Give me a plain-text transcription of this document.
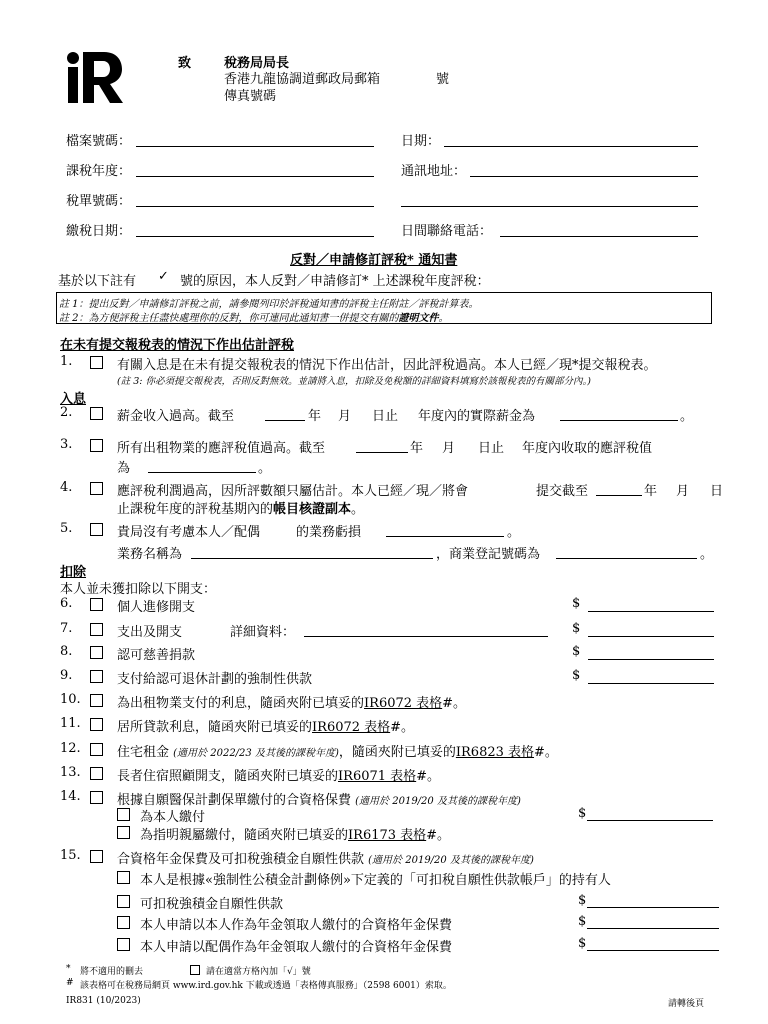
致	稅務局局長
香港九龍協調道郵政局郵箱	號
傳真號碼
檔案號碼：	日期：
課稅年度：	通訊地址：
稅單號碼：
繳稅日期：	日間聯絡電話：
反對／申請修訂評稅* 通知書
基於以下註有 ✓ 號的原因，本人反對／申請修訂* 上述課稅年度評稅：
註 1：提出反對／申請修訂評稅之前，請參閱列印於評稅通知書的評稅主任附註／評稅計算表。
註 2：為方便評稅主任盡快處理你的反對，你可連同此通知書一併提交有關的證明文件。
在未有提交報稅表的情況下作出估計評稅
1.	有關入息是在未有提交報稅表的情況下作出估計，因此評稅過高。本人已經／現*提交報稅表。
(註 3: 你必須提交報稅表，否則反對無效。並請將入息，扣除及免稅額的詳細資料填寫於該報稅表的有關部分內。)
入息
2.	薪金收入過高。截至	年 月 日止 年度內的實際薪金為	。
3.	所有出租物業的應評稅值過高。截至	年 月 日止 年度內收取的應評稅值
為	。
4.	應評稅利潤過高，因所評數額只屬估計。本人已經／現／將會	提交截至	年 月 日
止課稅年度的評稅基期內的帳目核證副本。
5.	貴局沒有考慮本人／配偶	的業務虧損	。
業務名稱為	，商業登記號碼為	。
扣除
本人並未獲扣除以下開支：
6.	個人進修開支	$
7.	支出及開支	詳細資料：	$
8.	認可慈善捐款	$
9.	支付給認可退休計劃的強制性供款	$
10.	為出租物業支付的利息，隨函夾附已填妥的IR6072 表格#。
11.	居所貸款利息，隨函夾附已填妥的IR6072 表格#。
12.	住宅租金 (適用於 2022/23 及其後的課稅年度)，隨函夾附已填妥的IR6823 表格#。
13.	長者住宿照顧開支，隨函夾附已填妥的IR6071 表格#。
14.	根據自願醫保計劃保單繳付的合資格保費 (適用於 2019/20 及其後的課稅年度)
為本人繳付	$
為指明親屬繳付，隨函夾附已填妥的IR6173 表格#。
15.	合資格年金保費及可扣稅強積金自願性供款 (適用於 2019/20 及其後的課稅年度)
本人是根據«強制性公積金計劃條例»下定義的「可扣稅自願性供款帳戶」的持有人
可扣稅強積金自願性供款	$
本人申請以本人作為年金領取人繳付的合資格年金保費	$
本人申請以配偶作為年金領取人繳付的合資格年金保費	$
* 將不適用的刪去	請在適當方格內加「√」號
# 該表格可在稅務局網頁 www.ird.gov.hk 下載或透過「表格傳真服務」（2598 6001）索取。
IR831 (10/2023)	請轉後頁
